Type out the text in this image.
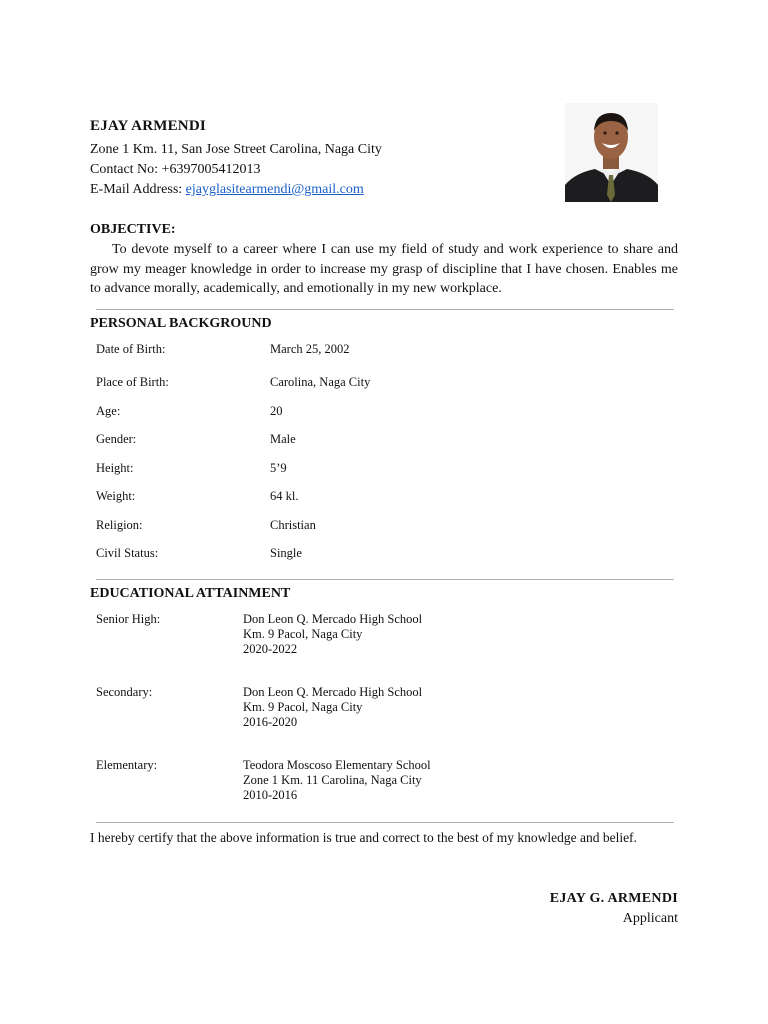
EJAY ARMENDI
Zone 1 Km. 11, San Jose Street Carolina, Naga City
Contact No: +6397005412013
E-Mail Address: ejayglasitearmendi@gmail.com
OBJECTIVE:
To devote myself to a career where I can use my field of study and work experience to share and grow my meager knowledge in order to increase my grasp of discipline that I have chosen. Enables me to advance morally, academically, and emotionally in my new workplace.
PERSONAL BACKGROUND
Date of Birth:	March 25, 2002
Place of Birth:	Carolina, Naga City
Age:	20
Gender:	Male
Height:	5’9
Weight:	64 kl.
Religion:	Christian
Civil Status:	Single
EDUCATIONAL ATTAINMENT
Senior High:	Don Leon Q. Mercado High School
Km. 9 Pacol, Naga City
2020-2022
Secondary:	Don Leon Q. Mercado High School
Km. 9 Pacol, Naga City
2016-2020
Elementary:	Teodora Moscoso Elementary School
Zone 1 Km. 11 Carolina, Naga City
2010-2016
I hereby certify that the above information is true and correct to the best of my knowledge and belief.
EJAY G. ARMENDI
Applicant
